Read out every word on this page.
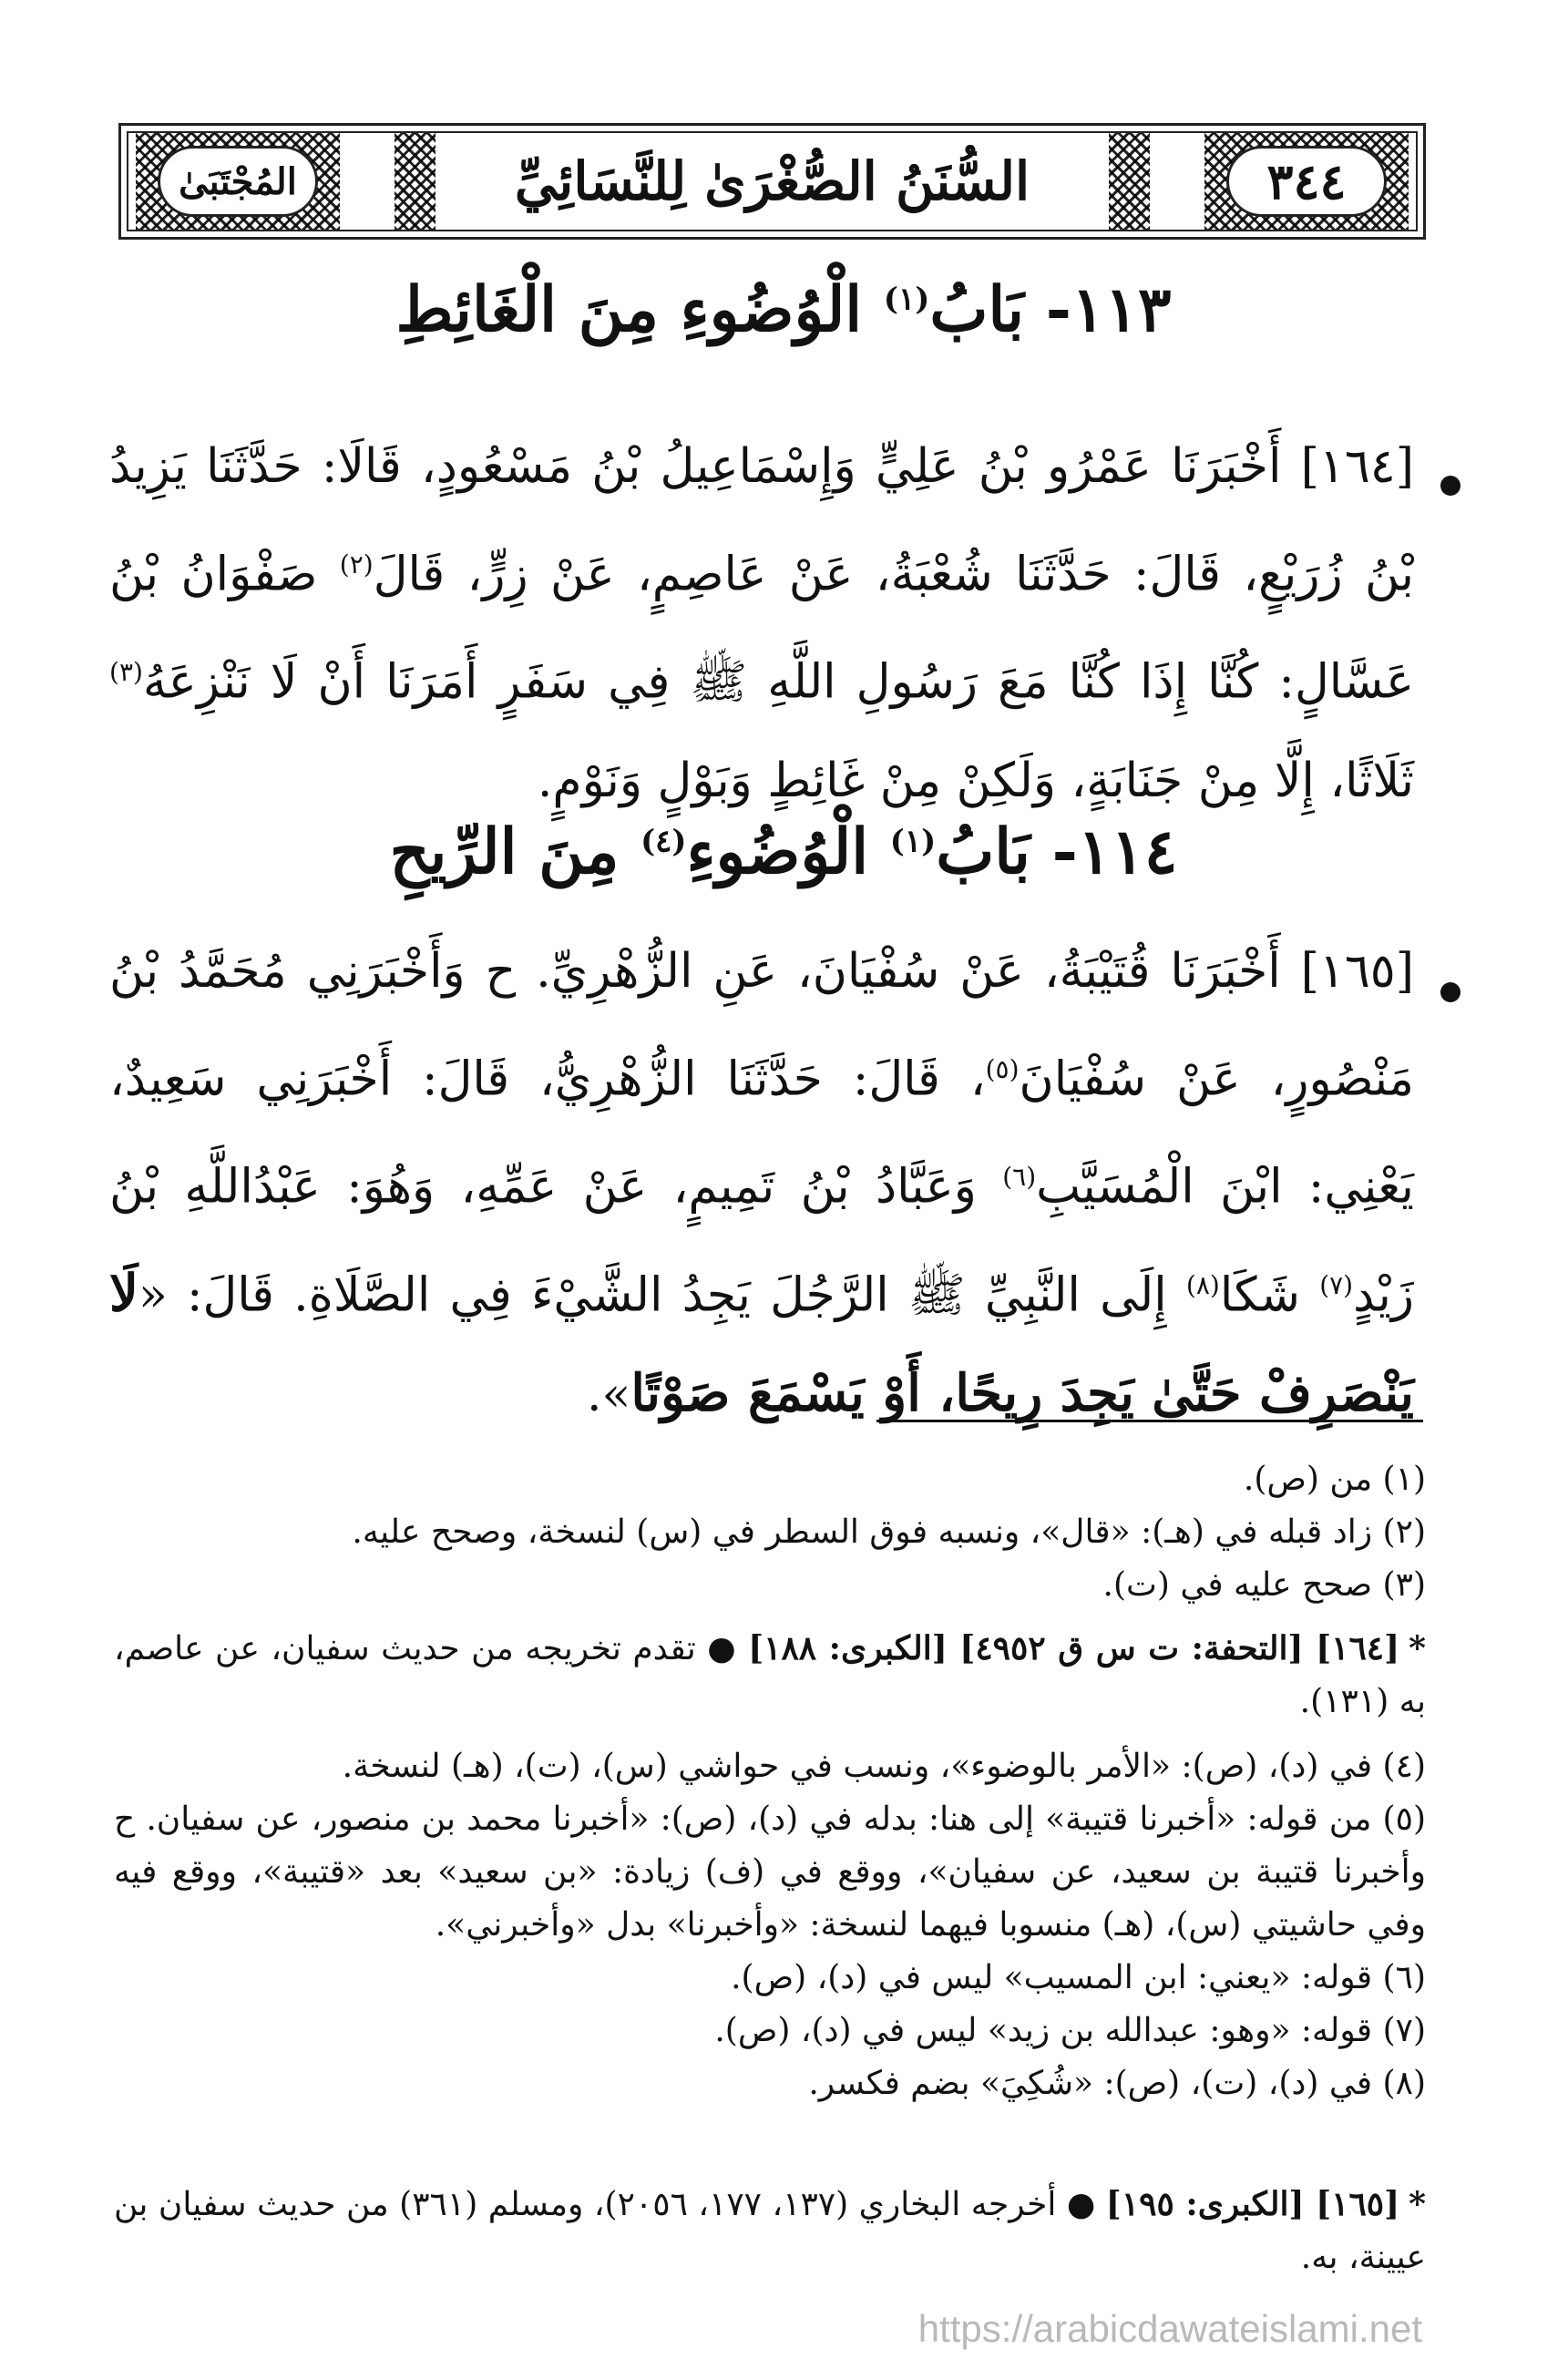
المُجْتَبَىٰ	٣٤٤
السُّنَنُ الصُّغْرَىٰ لِلنَّسَائِيِّ
١١٣- بَابُ$^{(١)}$ الْوُضُوءِ مِنَ الْغَائِطِ
[١٦٤] أَخْبَرَنَا عَمْرُو بْنُ عَلِيٍّ وَإِسْمَاعِيلُ بْنُ مَسْعُودٍ، قَالَا: حَدَّثَنَا يَزِيدُ بْنُ زُرَيْعٍ، قَالَ: حَدَّثَنَا شُعْبَةُ، عَنْ عَاصِمٍ، عَنْ زِرٍّ، قَالَ$^{(٢)}$ صَفْوَانُ بْنُ عَسَّالٍ: كُنَّا إِذَا كُنَّا مَعَ رَسُولِ اللَّهِ ﷺ فِي سَفَرٍ أَمَرَنَا أَنْ لَا نَنْزِعَهُ$^{(٣)}$ ثَلَاثًا، إِلَّا مِنْ جَنَابَةٍ، وَلَكِنْ مِنْ غَائِطٍ وَبَوْلٍ وَنَوْمٍ.
١١٤- بَابُ$^{(١)}$ الْوُضُوءِ$^{(٤)}$ مِنَ الرِّيحِ
[١٦٥] أَخْبَرَنَا قُتَيْبَةُ، عَنْ سُفْيَانَ، عَنِ الزُّهْرِيِّ. ح وَأَخْبَرَنِي مُحَمَّدُ بْنُ مَنْصُورٍ، عَنْ سُفْيَانَ$^{(٥)}$، قَالَ: حَدَّثَنَا الزُّهْرِيُّ، قَالَ: أَخْبَرَنِي سَعِيدٌ، يَعْنِي: ابْنَ الْمُسَيَّبِ$^{(٦)}$ وَعَبَّادُ بْنُ تَمِيمٍ، عَنْ عَمِّهِ، وَهُوَ: عَبْدُاللَّهِ بْنُ زَيْدٍ$^{(٧)}$ شَكَا$^{(٨)}$ إِلَى النَّبِيِّ ﷺ الرَّجُلَ يَجِدُ الشَّيْءَ فِي الصَّلَاةِ. قَالَ: «لَا يَنْصَرِفْ حَتَّىٰ يَجِدَ رِيحًا، أَوْ يَسْمَعَ صَوْتًا».
(١) من (ص).
(٢) زاد قبله في (هـ): «قال»، ونسبه فوق السطر في (س) لنسخة، وصحح عليه.
(٣) صحح عليه في (ت).
*[١٦٤] [التحفة: ت س ق ٤٩٥٢] [الكبرى: ١٨٨] ● تقدم تخريجه من حديث سفيان، عن عاصم، به (١٣١).
(٤) في (د)، (ص): «الأمر بالوضوء»، ونسب في حواشي (س)، (ت)، (هـ) لنسخة.
(٥) من قوله: «أخبرنا قتيبة» إلى هنا: بدله في (د)، (ص): «أخبرنا محمد بن منصور، عن سفيان. ح وأخبرنا قتيبة بن سعيد، عن سفيان»، ووقع في (ف) زيادة: «بن سعيد» بعد «قتيبة»، ووقع فيه وفي حاشيتي (س)، (هـ) منسوبا فيهما لنسخة: «وأخبرنا» بدل «وأخبرني».
(٦) قوله: «يعني: ابن المسيب» ليس في (د)، (ص).
(٧) قوله: «وهو: عبدالله بن زيد» ليس في (د)، (ص).
(٨) في (د)، (ت)، (ص): «شُكِيَ» بضم فكسر.
*[١٦٥] [الكبرى: ١٩٥] ● أخرجه البخاري (١٣٧، ١٧٧، ٢٠٥٦)، ومسلم (٣٦١) من حديث سفيان بن عيينة، به.
https://arabicdawateislami.net
